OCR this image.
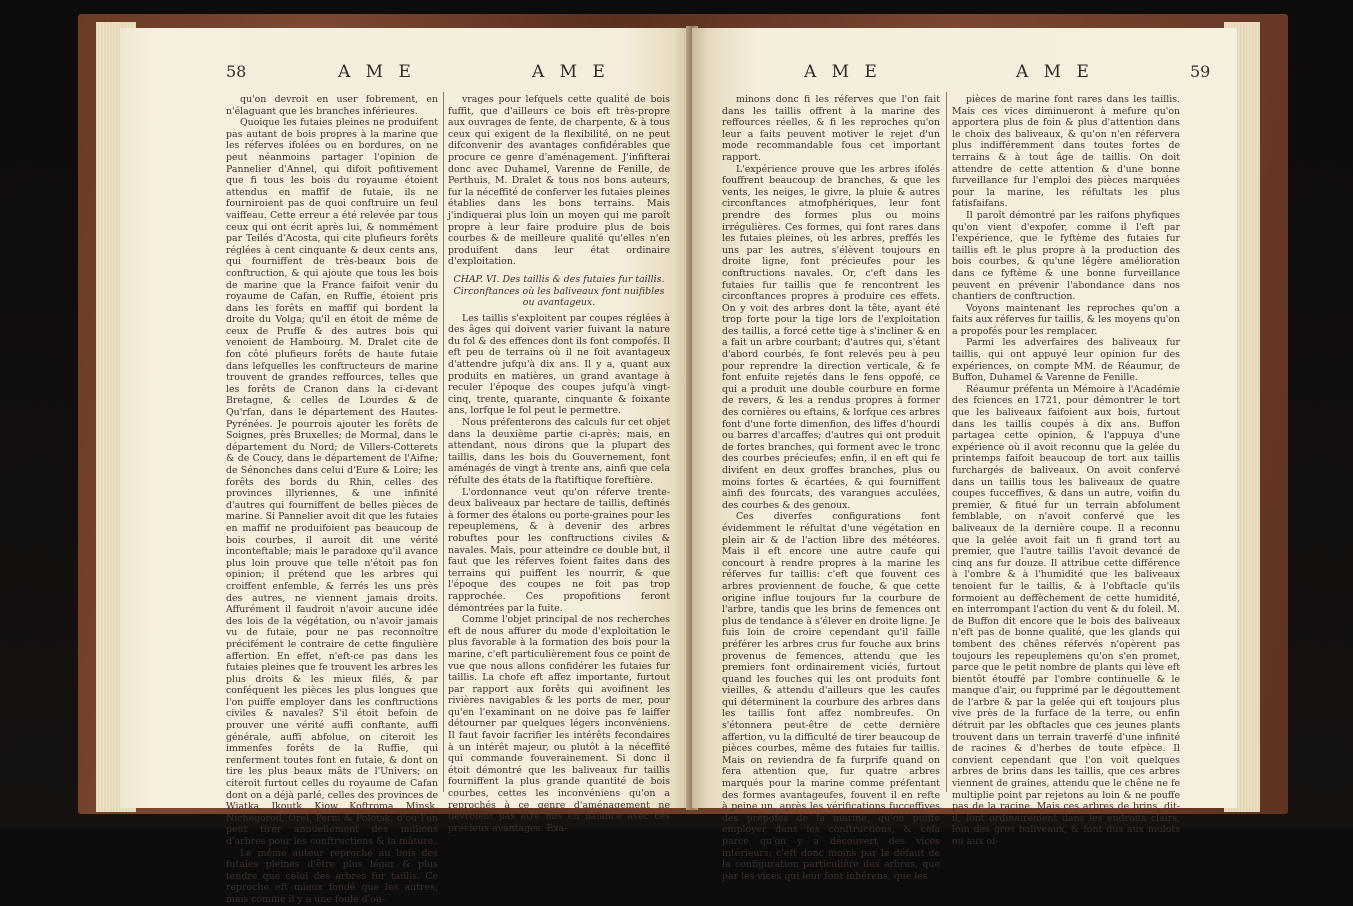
58	A M E	A M E

qu'on devroit en user fobrement, en n'élaguant que les branches inférieures.

Quoique les futaies pleines ne produifent pas autant de bois propres à la marine que les réferves ifolées ou en bordures, on ne peut néanmoins partager l'opinion de Pannelier d'Annel, qui difoit pofitivement que fi tous les bois du royaume étoient attendus en maffif de futaie, ils ne fourniroient pas de quoi conftruire un feul vaiffeau. Cette erreur a été relevée par tous ceux qui ont écrit après lui, & nommément par Teilés d'Acosta, qui cite plufieurs forêts réglées à cent cinquante & deux cents ans, qui fourniffent de très-beaux bois de conftruction, & qui ajoute que tous les bois de marine que la France faifoit venir du royaume de Cafan, en Ruffie, étoient pris dans les forêts en maffif qui bordent la droite du Volga; qu'il en étoit de même de ceux de Pruffe & des autres bois qui venoient de Hambourg. M. Dralet cite de fon côté plufieurs forêts de haute futaie dans lefquelles les conftructeurs de marine trouvent de grandes reffources, telles que les forêts de Cranon dans la ci-devant Bretagne, & celles de Lourdes & de Qu'rfan, dans le département des Hautes-Pyrénées. Je pourrois ajouter les forêts de Soignes, près Bruxelles; de Mormal, dans le département du Nord; de Villers-Cotterets & de Coucy, dans le département de l'Aifne; de Sénonches dans celui d'Eure & Loire; les forêts des bords du Rhin, celles des provinces illyriennes, & une infinité d'autres qui fourniffent de belles pièces de marine. Si Pannelier avoit dit que les futaies en maffif ne produifoient pas beaucoup de bois courbes, il auroit dit une vérité inconteftable; mais le paradoxe qu'il avance plus loin prouve que telle n'étoit pas fon opinion; il prétend que les arbres qui croiffent enfemble, & ferrés les uns près des autres, ne viennent jamais droits. Affurément il faudroit n'avoir aucune idée des lois de la végétation, ou n'avoir jamais vu de futaie, pour ne pas reconnoître précifément le contraire de cette fingulière affertion. En effet, n'eft-ce pas dans les futaies pleines que fe trouvent les arbres les plus droits & les mieux filés, & par conféquent les pièces les plus longues que l'on puiffe employer dans les conftructions civiles & navales? S'il étoit befoin de prouver une vérité auffi conftante, auffi générale, auffi abfolue, on citeroit les immenfes forêts de la Ruffie, qui renferment toutes font en futaie, & dont on tire les plus beaux mâts de l'Univers; on citeroit furtout celles du royaume de Cafan dont on a déjà parlé, celles des provinces de Wiatka, Ikoutk, Kiow, Koftroma, Minsk, Nichegorod, Orel, Perm & Polotsk, d'où l'on peut tirer annuellement des millions d'arbres pour les conftructions & la mâture.

Le même auteur reproche au bois des futaies pleines d'être plus léger & plus tendre que celui des arbres fur taillis. Ce reproche eft mieux fondé que les autres; mais comme il y a une foule d'ou-

vrages pour lefquels cette qualité de bois fuffit, que d'ailleurs ce bois eft très-propre aux ouvrages de fente, de charpente, & à tous ceux qui exigent de la flexibilité, on ne peut difconvenir des avantages confidérables que procure ce genre d'aménagement. J'infifterai donc avec Duhamel, Varenne de Fenille, de Perthuis, M. Dralet & tous nos bons auteurs, fur la néceffité de conferver les futaies pleines établies dans les bons terrains. Mais j'indiquerai plus loin un moyen qui me paroît propre à leur faire produire plus de bois courbes & de meilleure qualité qu'elles n'en produifent dans leur état ordinaire d'exploitation.

CHAP. VI. Des taillis & des futaies fur taillis. Circonftances où les baliveaux font nuifibles ou avantageux.

Les taillis s'exploitent par coupes réglées à des âges qui doivent varier fuivant la nature du fol & des effences dont ils font compofés. Il eft peu de terrains où il ne foit avantageux d'attendre jufqu'à dix ans. Il y a, quant aux produits en matières, un grand avantage à reculer l'époque des coupes jufqu'à vingt-cinq, trente, quarante, cinquante & foixante ans, lorfque le fol peut le permettre.

Nous préfenterons des calculs fur cet objet dans la deuxième partie ci-après; mais, en attendant, nous dirons que la plupart des taillis, dans les bois du Gouvernement, font aménagés de vingt à trente ans, ainfi que cela réfulte des états de la ftatiftique foreftière.

L'ordonnance veut qu'on réferve trente-deux baliveaux par hectare de taillis, deftinés à former des étalons ou porte-graines pour les repeuplemens, & à devenir des arbres robuftes pour les conftructions civiles & navales. Mais, pour atteindre ce double but, il faut que les réferves foient faites dans des terrains qui puiffent les nourrir, & que l'époque des coupes ne foit pas trop rapprochée. Ces propofitions feront démontrées par la fuite.

Comme l'objet principal de nos recherches eft de nous affurer du mode d'exploitation le plus favorable à la formation des bois pour la marine, c'eft particulièrement fous ce point de vue que nous allons confidérer les futaies fur taillis. La chofe eft affez importante, furtout par rapport aux forêts qui avoifinent les rivières navigables & les ports de mer, pour qu'en l'examinant on ne doive pas fe laiffer détourner par quelques légers inconvéniens. Il faut favoir facrifier les intérêts fecondaires à un intérêt majeur, ou plutôt à la néceffité qui commande fouverainement. Si donc il étoit démontré que les baliveaux fur taillis fourniffent la plus grande quantité de bois courbes, cettes les inconvéniens qu'on a reprochés à ce genre d'aménagement ne devroient pas être mis en balance avec ces précieux avantages. Exa-

A M E	A M E	59

minons donc fi les réferves que l'on fait dans les taillis offrent à la marine des reffources réelles, & fi les reproches qu'on leur a faits peuvent motiver le rejet d'un mode recommandable fous cet important rapport.

L'expérience prouve que les arbres ifolés fouffrent beaucoup de branches, & que les vents, les neiges, le givre, la pluie & autres circonftances atmofphériques, leur font prendre des formes plus ou moins irrégulières. Ces formes, qui font rares dans les futaies pleines, où les arbres, preffés les uns par les autres, s'élèvent toujours en droite ligne, font précieufes pour les conftructions navales. Or, c'eft dans les futaies fur taillis que fe rencontrent les circonftances propres à produire ces effets. On y voit des arbres dont la tête, ayant été trop forte pour la tige lors de l'exploitation des taillis, a forcé cette tige à s'incliner & en a fait un arbre courbant; d'autres qui, s'étant d'abord courbés, fe font relevés peu à peu pour reprendre la direction verticale, & fe font enfuite rejetés dans le fens oppofé, ce qui a produit une double courbure en forme de revers, & les a rendus propres à former des cornières ou eftains, & lorfque ces arbres font d'une forte dimenfion, des liffes d'hourdi ou barres d'arcaffes; d'autres qui ont produit de fortes branches, qui forment avec le tronc des courbes précieufes; enfin, il en eft qui fe divifent en deux groffes branches, plus ou moins fortes & écartées, & qui fourniffent ainfi des fourcats, des varangues acculées, des courbes & des genoux.

Ces diverfes configurations font évidemment le réfultat d'une végétation en plein air & de l'action libre des météores. Mais il eft encore une autre caufe qui concourt à rendre propres à la marine les réferves fur taillis: c'eft que fouvent ces arbres proviennent de fouche, & que cette origine influe toujours fur la courbure de l'arbre, tandis que les brins de femences ont plus de tendance à s'élever en droite ligne. Je fuis loin de croire cependant qu'il faille préférer les arbres crus fur fouche aux brins provenus de femences, attendu que les premiers font ordinairement viciés, furtout quand les fouches qui les ont produits font vieilles, & attendu d'ailleurs que les caufes qui déterminent la courbure des arbres dans les taillis font affez nombreufes. On s'étonnera peut-être de cette dernière affertion, vu la difficulté de tirer beaucoup de pièces courbes, même des futaies fur taillis. Mais on reviendra de fa furprife quand on fera attention que, fur quatre arbres marqués pour la marine comme préfentant des formes avantageufes, fouvent il en refte à peine un, après les vérifications fucceffives des prépofés de la marine, qu'on puiffe employer dans les conftructions, & cela parce qu'on y a découvert des vices intérieurs: c'eft donc moins par le défaut de la configuration particulière des arbres, que par les vices qui leur font inhérens, que les

pièces de marine font rares dans les taillis. Mais ces vices diminueront à mefure qu'on apportera plus de foin & plus d'attention dans le choix des baliveaux, & qu'on n'en réfervera plus indifféremment dans toutes fortes de terrains & à tout âge de taillis. On doit attendre de cette attention & d'une bonne furveillance fur l'emploi des pièces marquées pour la marine, les réfultats les plus fatisfaifans.

Il paroît démontré par les raifons phyfiques qu'on vient d'expofer, comme il l'eft par l'expérience, que le fyftème des futaies fur taillis eft le plus propre à la production des bois courbes, & qu'une légère amélioration dans ce fyftème & une bonne furveillance peuvent en prévenir l'abondance dans nos chantiers de conftruction.

Voyons maintenant les reproches qu'on a faits aux réferves fur taillis, & les moyens qu'on a propofés pour les remplacer.

Parmi les adverfaires des baliveaux fur taillis, qui ont appuyé leur opinion fur des expériences, on compte MM. de Réaumur, de Buffon, Duhamel & Varenne de Fenille.

Réaumur préfenta un Mémoire à l'Académie des fciences en 1721, pour démontrer le tort que les baliveaux faifoient aux bois, furtout dans les taillis coupés à dix ans. Buffon partagea cette opinion, & l'appuya d'une expérience où il avoit reconnu que la gelée du printemps faifoit beaucoup de tort aux taillis furchargés de baliveaux. On avoit confervé dans un taillis tous les baliveaux de quatre coupes fucceffives, & dans un autre, voifin du premier, & fitué fur un terrain abfolument femblable, on n'avoit confervé que les baliveaux de la dernière coupe. Il a reconnu que la gelée avoit fait un fi grand tort au premier, que l'autre taillis l'avoit devancé de cinq ans fur douze. Il attribue cette différence à l'ombre & à l'humidité que les baliveaux tenoient fur le taillis, & à l'obftacle qu'ils formoient au deffèchement de cette humidité, en interrompant l'action du vent & du foleil. M. de Buffon dit encore que le bois des baliveaux n'eft pas de bonne qualité, que les glands qui tombent des chênes réfervés n'opèrent pas toujours les repeuplemens qu'on s'en promet, parce que le petit nombre de plants qui lève eft bientôt étouffé par l'ombre continuelle & le manque d'air, ou fupprimé par le dégouttement de l'arbre & par la gelée qui eft toujours plus vive près de la furface de la terre, ou enfin détruit par les obftacles que ces jeunes plants trouvent dans un terrain traverfé d'une infinité de racines & d'herbes de toute efpèce. Il convient cependant que l'on voit quelques arbres de brins dans les taillis, que ces arbres viennent de graines, attendu que le chêne ne fe multiplie point par rejetons au loin & ne pouffe pas de la racine. Mais ces arbres de brins, dit-il, font ordinairement dans les endroits clairs, loin des gros baliveaux, & font dus aux mulots ou aux oi-
